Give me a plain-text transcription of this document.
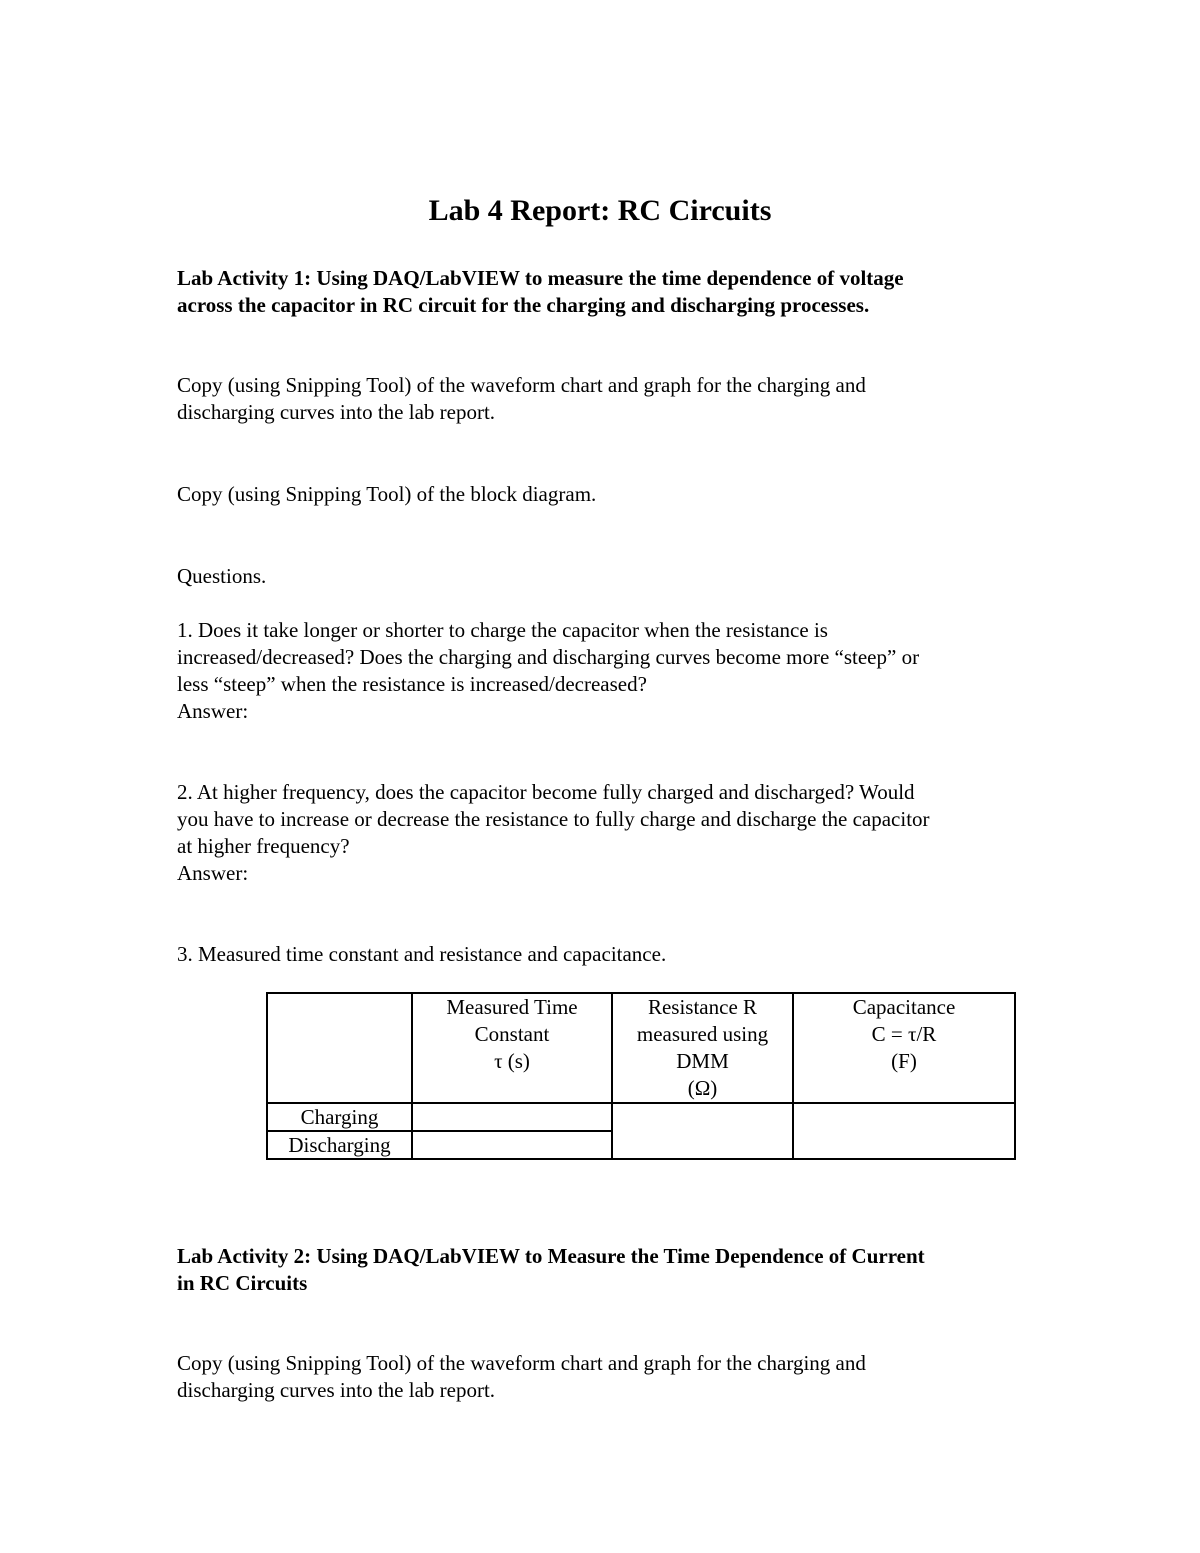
Lab 4 Report: RC Circuits

Lab Activity 1: Using DAQ/LabVIEW to measure the time dependence of voltage
across the capacitor in RC circuit for the charging and discharging processes.

Copy (using Snipping Tool) of the waveform chart and graph for the charging and
discharging curves into the lab report.

Copy (using Snipping Tool) of the block diagram.

Questions.

1. Does it take longer or shorter to charge the capacitor when the resistance is
increased/decreased? Does the charging and discharging curves become more “steep” or
less “steep” when the resistance is increased/decreased?
Answer:

2. At higher frequency, does the capacitor become fully charged and discharged? Would
you have to increase or decrease the resistance to fully charge and discharge the capacitor
at higher frequency?
Answer:

3. Measured time constant and resistance and capacitance.

	Measured Time
Constant
τ (s)	Resistance R
measured using
DMM
(Ω)	Capacitance
C = τ/R
(F)

Charging			
Discharging			

Lab Activity 2: Using DAQ/LabVIEW to Measure the Time Dependence of Current
in RC Circuits

Copy (using Snipping Tool) of the waveform chart and graph for the charging and
discharging curves into the lab report.
